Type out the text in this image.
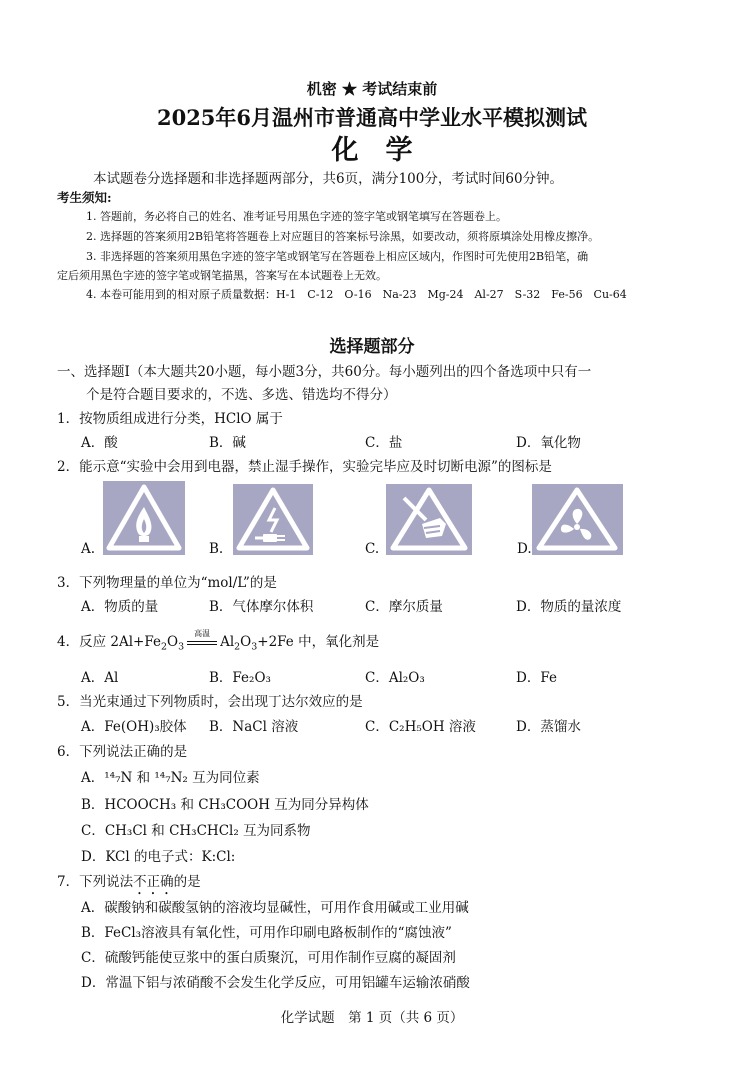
机密 ★ 考试结束前
2025年6月温州市普通高中学业水平模拟测试
化　学
本试题卷分选择题和非选择题两部分，共6页，满分100分，考试时间60分钟。
考生须知:
1. 答题前，务必将自己的姓名、准考证号用黑色字迹的签字笔或钢笔填写在答题卷上。
2. 选择题的答案须用2B铅笔将答题卷上对应题目的答案标号涂黑，如要改动，须将原填涂处用橡皮擦净。
3. 非选择题的答案须用黑色字迹的签字笔或钢笔写在答题卷上相应区域内，作图时可先使用2B铅笔，确
定后须用黑色字迹的签字笔或钢笔描黑，答案写在本试题卷上无效。
4. 本卷可能用到的相对原子质量数据：H-1　C-12　O-16　Na-23　Mg-24　Al-27　S-32　Fe-56　Cu-64
选择题部分
一、选择题Ⅰ（本大题共20小题，每小题3分，共60分。每小题列出的四个备选项中只有一
个是符合题目要求的，不选、多选、错选均不得分）
1．按物质组成进行分类，HClO 属于
A．酸	B．碱	C．盐	D．氧化物
2．能示意“实验中会用到电器，禁止湿手操作，实验完毕应及时切断电源”的图标是
A.	B.	C.	D.
3．下列物理量的单位为“mol/L”的是
A．物质的量	B．气体摩尔体积	C．摩尔质量	D．物质的量浓度
4．反应 $2Al+Fe_2O_3$
高温
$Al_2O_3+2Fe$ 中，氧化剂是
A．Al	B．Fe₂O₃	C．Al₂O₃	D．Fe
5．当光束通过下列物质时，会出现丁达尔效应的是
A．Fe(OH)₃胶体 B．NaCl 溶液	C．C₂H₅OH 溶液	D．蒸馏水
6．下列说法正确的是
A．¹⁴₇N 和 ¹⁴₇N₂ 互为同位素
B．HCOOCH₃ 和 CH₃COOH 互为同分异构体
C．CH₃Cl 和 CH₃CHCl₂ 互为同系物
D．KCl 的电子式：K:Cl:
7．下列说法不正确的是
A．碳酸钠和碳酸氢钠的溶液均显碱性，可用作食用碱或工业用碱
B．FeCl₃溶液具有氧化性，可用作印刷电路板制作的“腐蚀液”
C．硫酸钙能使豆浆中的蛋白质聚沉，可用作制作豆腐的凝固剂
D．常温下铝与浓硝酸不会发生化学反应，可用铝罐车运输浓硝酸
化学试题　第 1 页（共 6 页）
